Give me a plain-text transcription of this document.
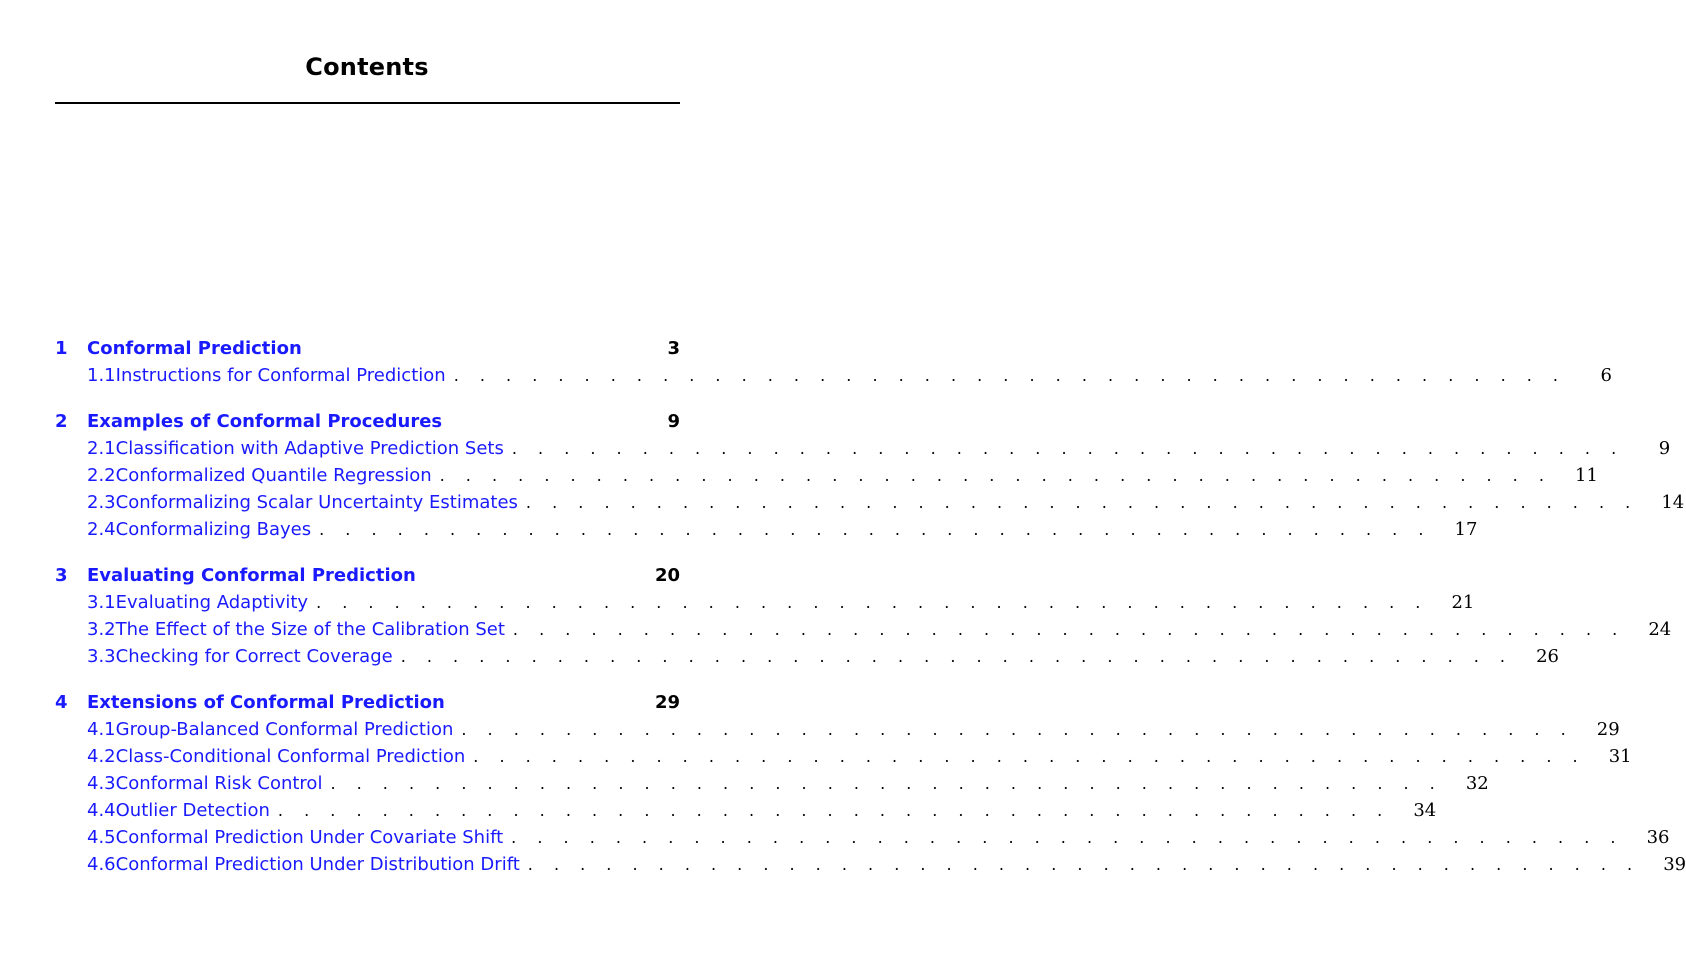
Contents
1	Conformal Prediction	3
1.1 Instructions for Conformal Prediction . . . . . . . . . . . . . . . . . . . . . . . . . . . . . . . . . . . . . . . . . . .	6
2	Examples of Conformal Procedures	9
2.1 Classification with Adaptive Prediction Sets . . . . . . . . . . . . . . . . . . . . . . . . . . . . . . . . . . . . . . . . . . .	9
2.2 Conformalized Quantile Regression . . . . . . . . . . . . . . . . . . . . . . . . . . . . . . . . . . . . . . . . . . .	11
2.3 Conformalizing Scalar Uncertainty Estimates . . . . . . . . . . . . . . . . . . . . . . . . . . . . . . . . . . . . . . . . . . .	14
2.4 Conformalizing Bayes . . . . . . . . . . . . . . . . . . . . . . . . . . . . . . . . . . . . . . . . . . .	17
3	Evaluating Conformal Prediction	20
3.1 Evaluating Adaptivity . . . . . . . . . . . . . . . . . . . . . . . . . . . . . . . . . . . . . . . . . . .	21
3.2 The Effect of the Size of the Calibration Set . . . . . . . . . . . . . . . . . . . . . . . . . . . . . . . . . . . . . . . . . . .	24
3.3 Checking for Correct Coverage . . . . . . . . . . . . . . . . . . . . . . . . . . . . . . . . . . . . . . . . . . .	26
4	Extensions of Conformal Prediction	29
4.1 Group-Balanced Conformal Prediction . . . . . . . . . . . . . . . . . . . . . . . . . . . . . . . . . . . . . . . . . . .	29
4.2 Class-Conditional Conformal Prediction . . . . . . . . . . . . . . . . . . . . . . . . . . . . . . . . . . . . . . . . . . .	31
4.3 Conformal Risk Control . . . . . . . . . . . . . . . . . . . . . . . . . . . . . . . . . . . . . . . . . . .	32
4.4 Outlier Detection . . . . . . . . . . . . . . . . . . . . . . . . . . . . . . . . . . . . . . . . . . .	34
4.5 Conformal Prediction Under Covariate Shift . . . . . . . . . . . . . . . . . . . . . . . . . . . . . . . . . . . . . . . . . . .	36
4.6 Conformal Prediction Under Distribution Drift . . . . . . . . . . . . . . . . . . . . . . . . . . . . . . . . . . . . . . . . . . .	39
